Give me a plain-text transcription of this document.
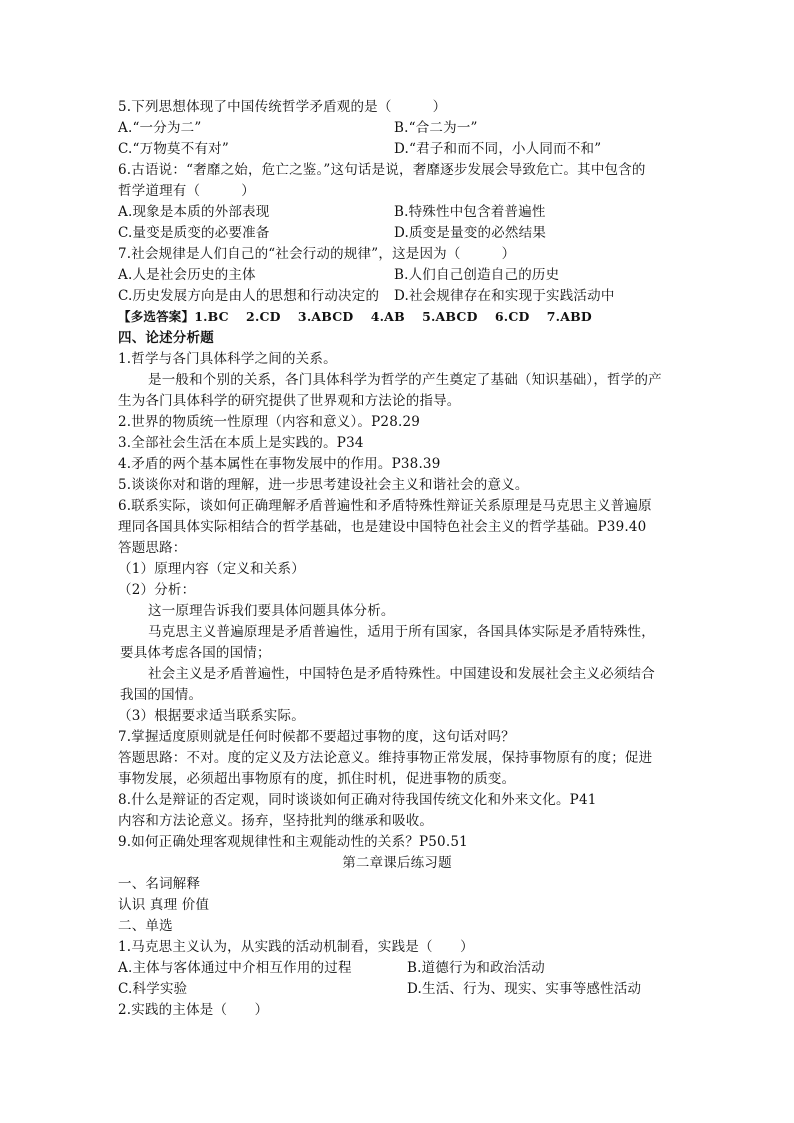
5.下列思想体现了中国传统哲学矛盾观的是（　　　）
A.“一分为二”	B.“合二为一”
C.“万物莫不有对”	D.“君子和而不同，小人同而不和”
6.古语说：“奢靡之始，危亡之鉴。”这句话是说，奢靡逐步发展会导致危亡。其中包含的
哲学道理有（　　　）
A.现象是本质的外部表现	B.特殊性中包含着普遍性
C.量变是质变的必要准备	D.质变是量变的必然结果
7.社会规律是人们自己的“社会行动的规律”，这是因为（　　　）
A.人是社会历史的主体	B.人们自己创造自己的历史
C.历史发展方向是由人的思想和行动决定的 D.社会规律存在和实现于实践活动中
【多选答案】1.BC　 2.CD　 3.ABCD　 4.AB　 5.ABCD　 6.CD　 7.ABD
四、论述分析题
1.哲学与各门具体科学之间的关系。
是一般和个别的关系，各门具体科学为哲学的产生奠定了基础（知识基础），哲学的产
生为各门具体科学的研究提供了世界观和方法论的指导。
2.世界的物质统一性原理（内容和意义）。P28.29
3.全部社会生活在本质上是实践的。P34
4.矛盾的两个基本属性在事物发展中的作用。P38.39
5.谈谈你对和谐的理解，进一步思考建设社会主义和谐社会的意义。
6.联系实际，谈如何正确理解矛盾普遍性和矛盾特殊性辩证关系原理是马克思主义普遍原
理同各国具体实际相结合的哲学基础，也是建设中国特色社会主义的哲学基础。P39.40
答题思路：
（1）原理内容（定义和关系）
（2）分析：
这一原理告诉我们要具体问题具体分析。
马克思主义普遍原理是矛盾普遍性，适用于所有国家，各国具体实际是矛盾特殊性，
要具体考虑各国的国情；
社会主义是矛盾普遍性，中国特色是矛盾特殊性。中国建设和发展社会主义必须结合
我国的国情。
（3）根据要求适当联系实际。
7.掌握适度原则就是任何时候都不要超过事物的度，这句话对吗？
答题思路：不对。度的定义及方法论意义。维持事物正常发展，保持事物原有的度；促进
事物发展，必须超出事物原有的度，抓住时机，促进事物的质变。
8.什么是辩证的否定观，同时谈谈如何正确对待我国传统文化和外来文化。P41
内容和方法论意义。扬弃，坚持批判的继承和吸收。
9.如何正确处理客观规律性和主观能动性的关系？P50.51
第二章课后练习题
一、名词解释
认识 真理 价值
二、单选
1.马克思主义认为，从实践的活动机制看，实践是（　　）
A.主体与客体通过中介相互作用的过程	B.道德行为和政治活动
C.科学实验	D.生活、行为、现实、实事等感性活动
2.实践的主体是（　　）
